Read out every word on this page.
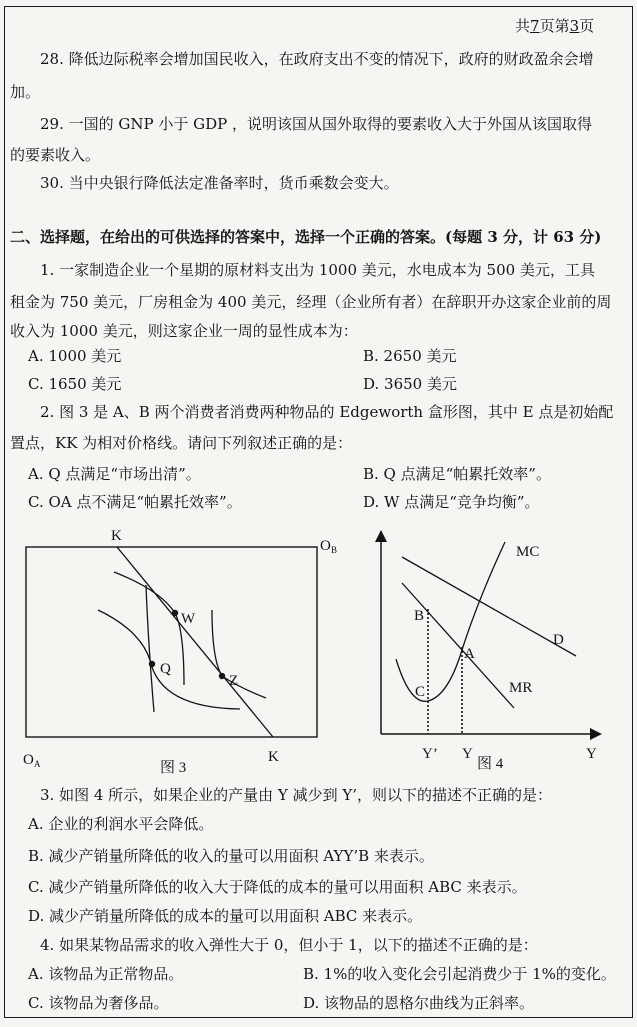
共7页第3页
28. 降低边际税率会增加国民收入，在政府支出不变的情况下，政府的财政盈余会增
加。
29. 一国的 GNP 小于 GDP ，说明该国从国外取得的要素收入大于外国从该国取得
的要素收入。
30. 当中央银行降低法定准备率时，货币乘数会变大。
二、选择题，在给出的可供选择的答案中，选择一个正确的答案。(每题 3 分，计 63 分)
1. 一家制造企业一个星期的原材料支出为 1000 美元，水电成本为 500 美元，工具
租金为 750 美元，厂房租金为 400 美元，经理（企业所有者）在辞职开办这家企业前的周
收入为 1000 美元，则这家企业一周的显性成本为：
A. 1000 美元	B. 2650 美元
C. 1650 美元	D. 3650 美元
2. 图 3 是 A、B 两个消费者消费两种物品的 Edgeworth 盒形图，其中 E 点是初始配
置点，KK 为相对价格线。请问下列叙述正确的是：
A. Q 点满足“市场出清”。	B. Q 点满足“帕累托效率”。
C. OA 点不满足“帕累托效率”。	D. W 点满足“竞争均衡”。
K
K
O B
O A
W
Q
Z
图 3
MC
D
MR
A
B
C
Y’ Y	Y
图 4
3. 如图 4 所示，如果企业的产量由 Y 减少到 Y’，则以下的描述不正确的是：
A. 企业的利润水平会降低。
B. 减少产销量所降低的收入的量可以用面积 AYY’B 来表示。
C. 减少产销量所降低的收入大于降低的成本的量可以用面积 ABC 来表示。
D. 减少产销量所降低的成本的量可以用面积 ABC 来表示。
4. 如果某物品需求的收入弹性大于 0，但小于 1，以下的描述不正确的是：
A. 该物品为正常物品。	B. 1%的收入变化会引起消费少于 1%的变化。
C. 该物品为奢侈品。	D. 该物品的恩格尔曲线为正斜率。
